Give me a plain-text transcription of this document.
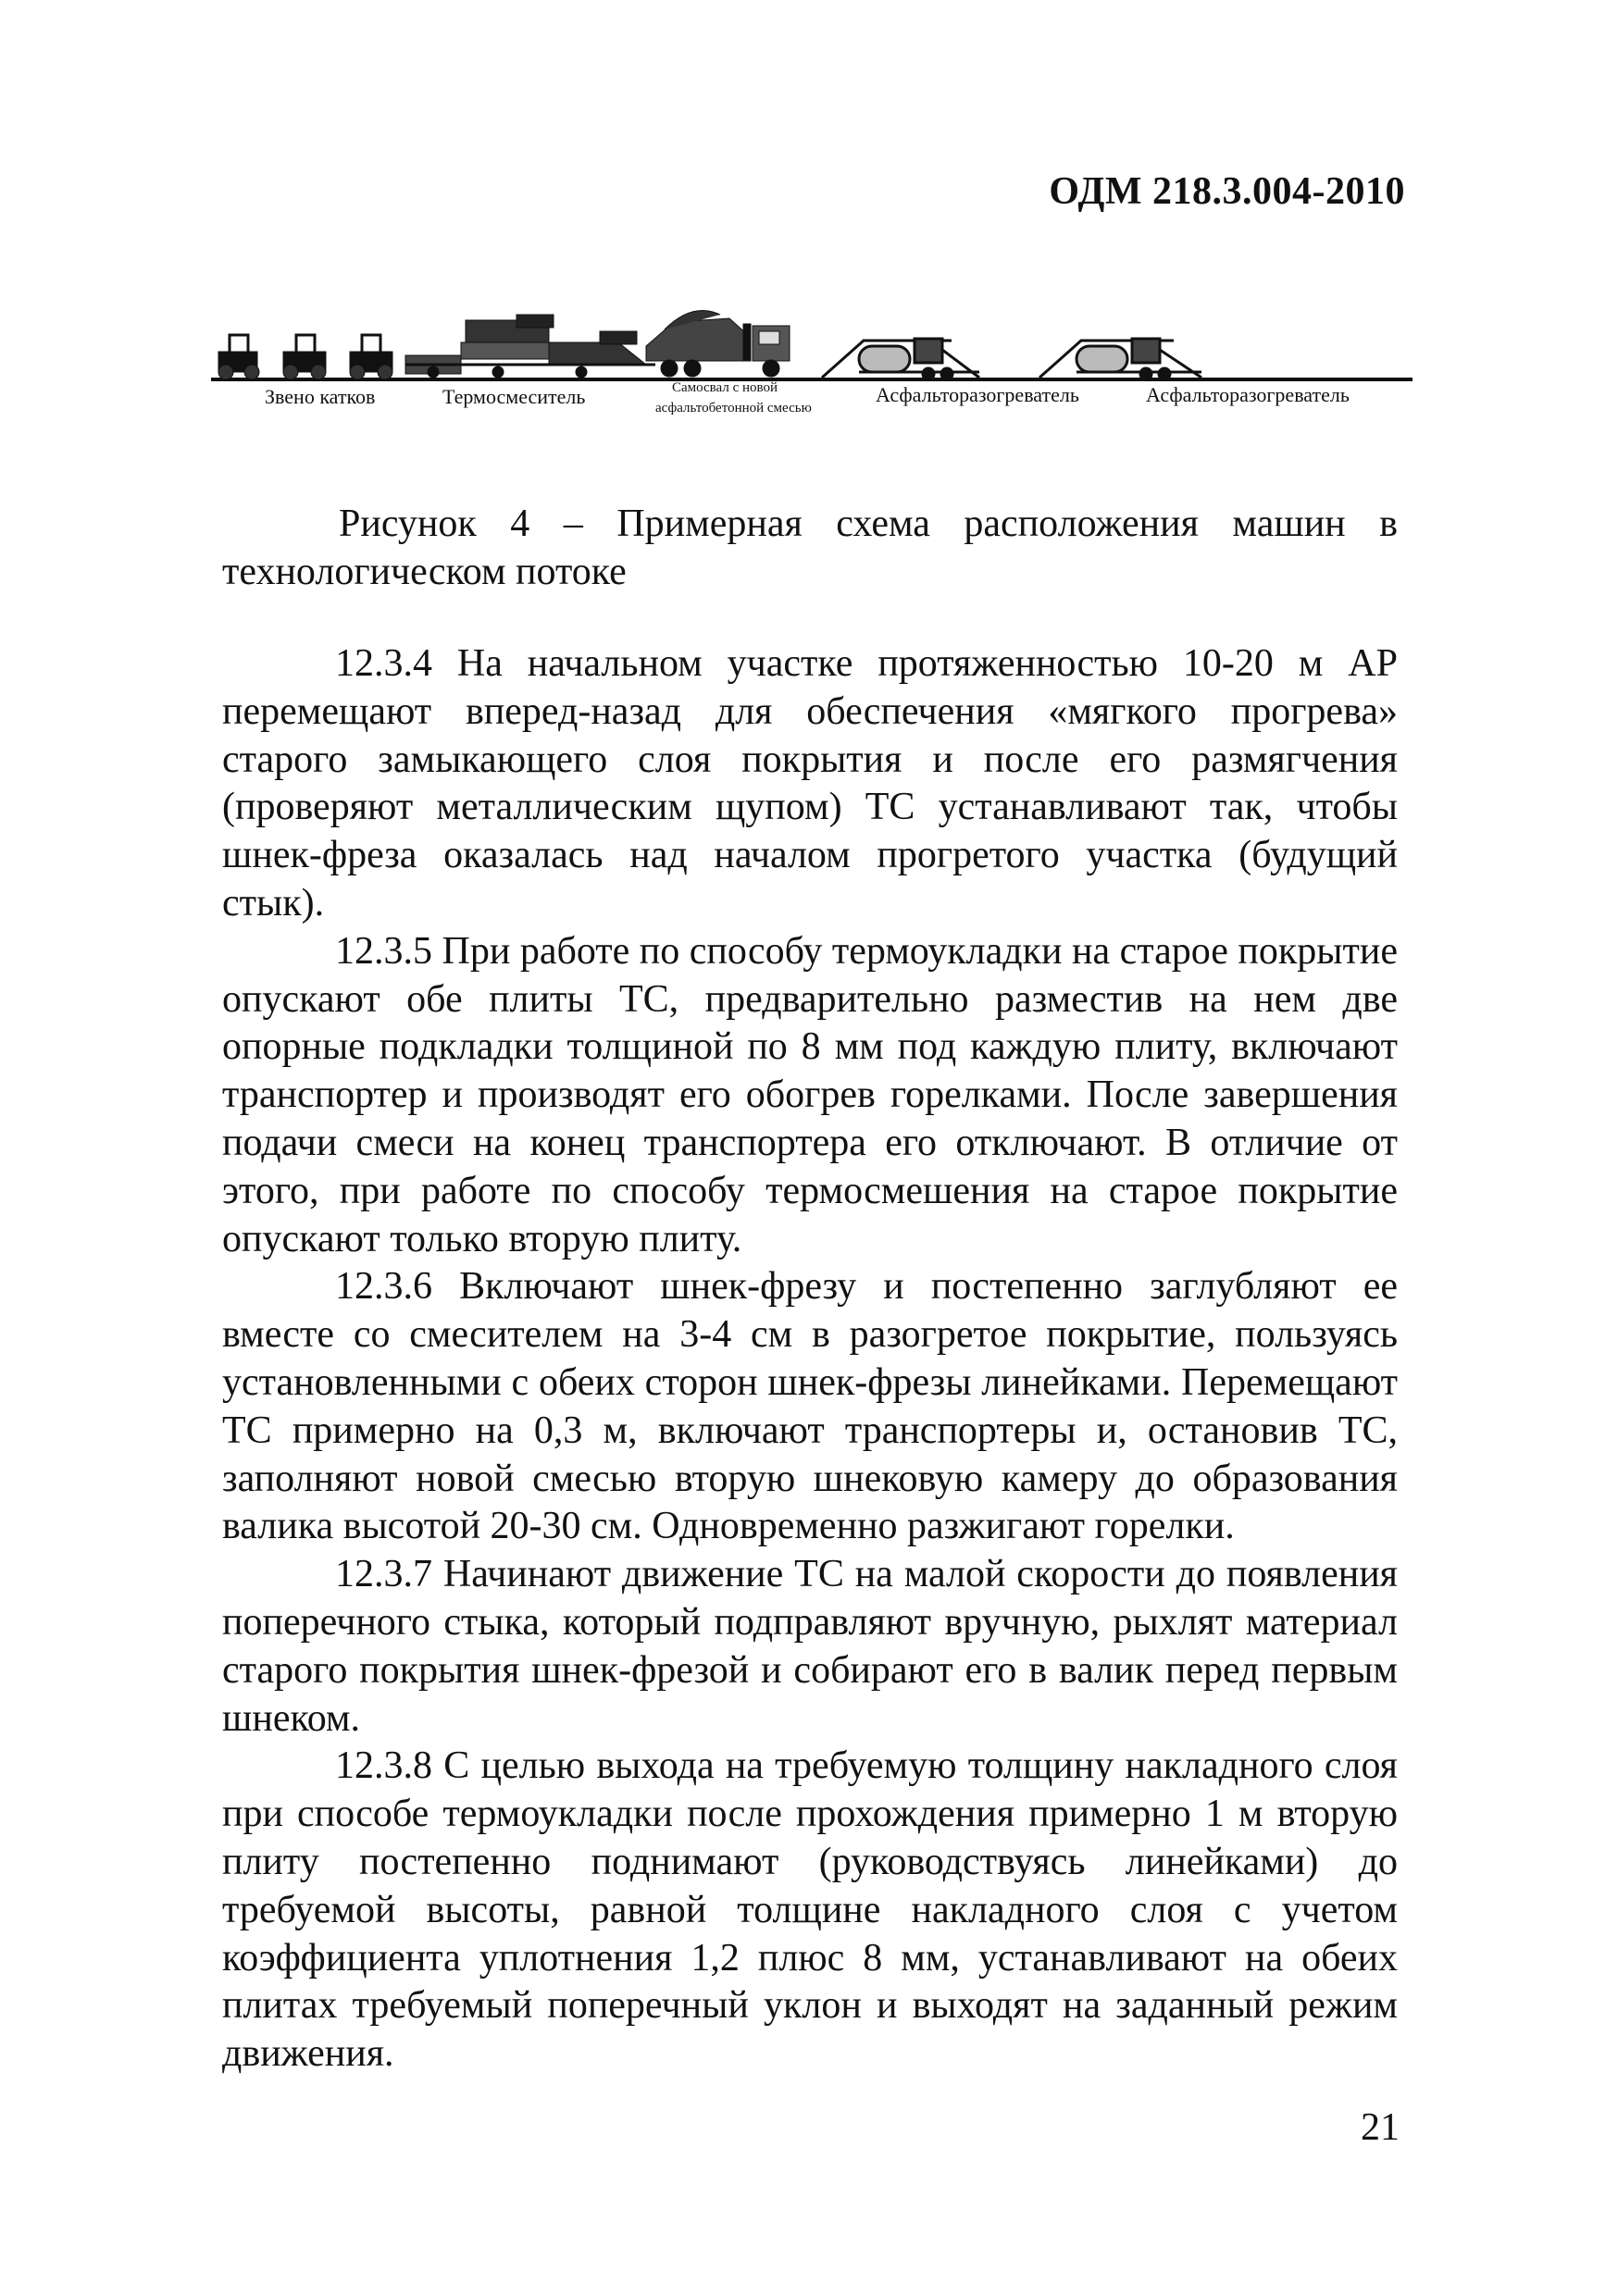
ОДМ 218.3.004-2010
Звено катков	Термосмеситель	Самосвал с новой
асфальтобетонной смесью
Асфальторазогреватель	Асфальторазогреватель
Рисунок 4 – Примерная схема расположения машин в технологическом потоке

12.3.4 На начальном участке протяженностью 10-20 м АР перемещают вперед-назад для обеспечения «мягкого прогрева» старого замыкающего слоя покрытия и после его размягчения (проверяют металлическим щупом) ТС устанавливают так, чтобы шнек-фреза оказалась над началом прогретого участка (будущий стык).

12.3.5 При работе по способу термоукладки на старое покрытие опускают обе плиты ТС, предварительно разместив на нем две опорные подкладки толщиной по 8 мм под каждую плиту, включают транспортер и производят его обогрев горелками. После завершения подачи смеси на конец транспортера его отключают. В отличие от этого, при работе по способу термосмешения на старое покрытие опускают только вторую плиту.

12.3.6 Включают шнек-фрезу и постепенно заглубляют ее вместе со смесителем на 3-4 см в разогретое покрытие, пользуясь установленными с обеих сторон шнек-фрезы линейками. Перемещают ТС примерно на 0,3 м, включают транспортеры и, остановив ТС, заполняют новой смесью вторую шнековую камеру до образования валика высотой 20-30 см. Одновременно разжигают горелки.

12.3.7 Начинают движение ТС на малой скорости до появления поперечного стыка, который подправляют вручную, рыхлят материал старого покрытия шнек-фрезой и собирают его в валик перед первым шнеком.

12.3.8 С целью выхода на требуемую толщину накладного слоя при способе термоукладки после прохождения примерно 1 м вторую плиту постепенно поднимают (руководствуясь линейками) до требуемой высоты, равной толщине накладного слоя с учетом коэффициента уплотнения 1,2 плюс 8 мм, устанавливают на обеих плитах требуемый поперечный уклон и выходят на заданный режим движения.

21
